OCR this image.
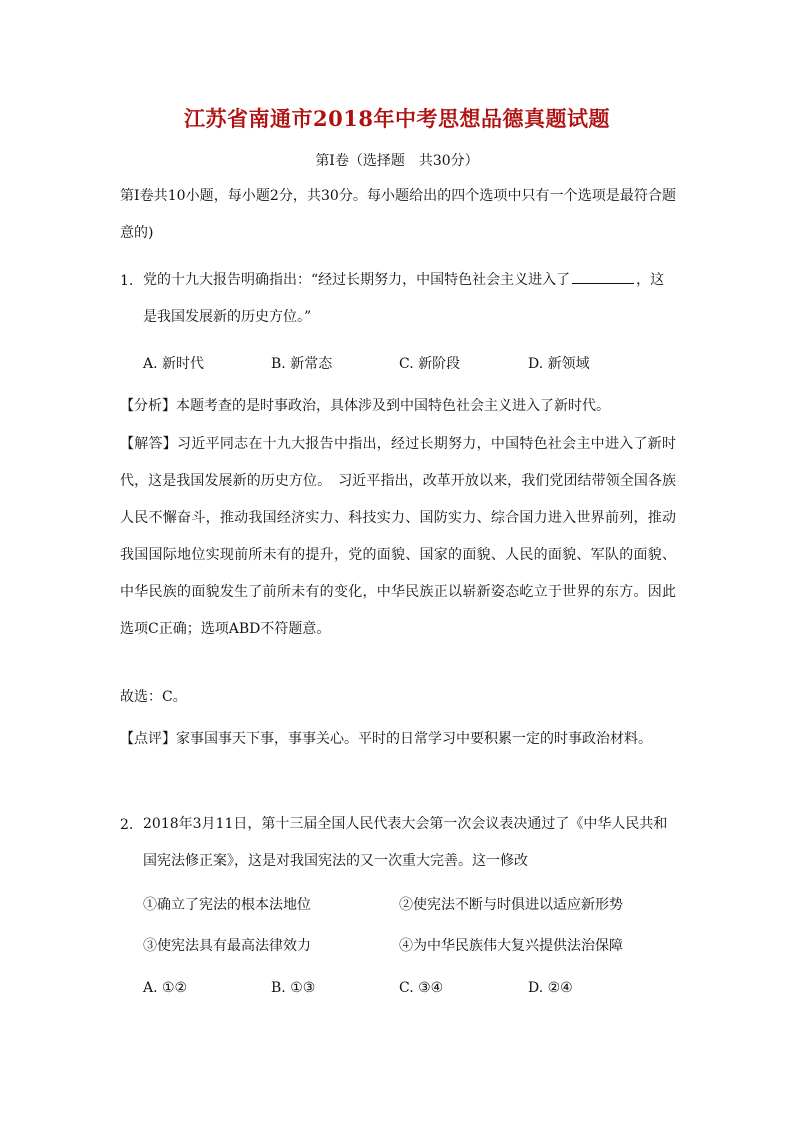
江苏省南通市2018年中考思想品德真题试题
第Ⅰ卷（选择题　共30分）

第Ⅰ卷共10小题，每小题2分，共30分。每小题给出的四个选项中只有一个选项是最符合题意的)

1. 党的十九大报告明确指出：“经过长期努力，中国特色社会主义进入了	，这是我国发展新的历史方位。”

A. 新时代	B. 新常态	C. 新阶段	D. 新领域
【分析】本题考查的是时事政治，具体涉及到中国特色社会主义进入了新时代。

【解答】习近平同志在十九大报告中指出，经过长期努力，中国特色社会主中进入了新时代，这是我国发展新的历史方位。　习近平指出，改革开放以来，我们党团结带领全国各族人民不懈奋斗，推动我国经济实力、科技实力、国防实力、综合国力进入世界前列，推动我国国际地位实现前所未有的提升，党的面貌、国家的面貌、人民的面貌、军队的面貌、中华民族的面貌发生了前所未有的变化，中华民族正以崭新姿态屹立于世界的东方。因此选项C正确；选项ABD不符题意。

故选：C。
【点评】家事国事天下事，事事关心。平时的日常学习中要积累一定的时事政治材料。
2. 2018年3月11日，第十三届全国人民代表大会第一次会议表决通过了《中华人民共和国宪法修正案》，这是对我国宪法的又一次重大完善。这一修改

①确立了宪法的根本法地位	②使宪法不断与时俱进以适应新形势
③使宪法具有最高法律效力	④为中华民族伟大复兴提供法治保障
A. ①②	B. ①③	C. ③④	D. ②④
